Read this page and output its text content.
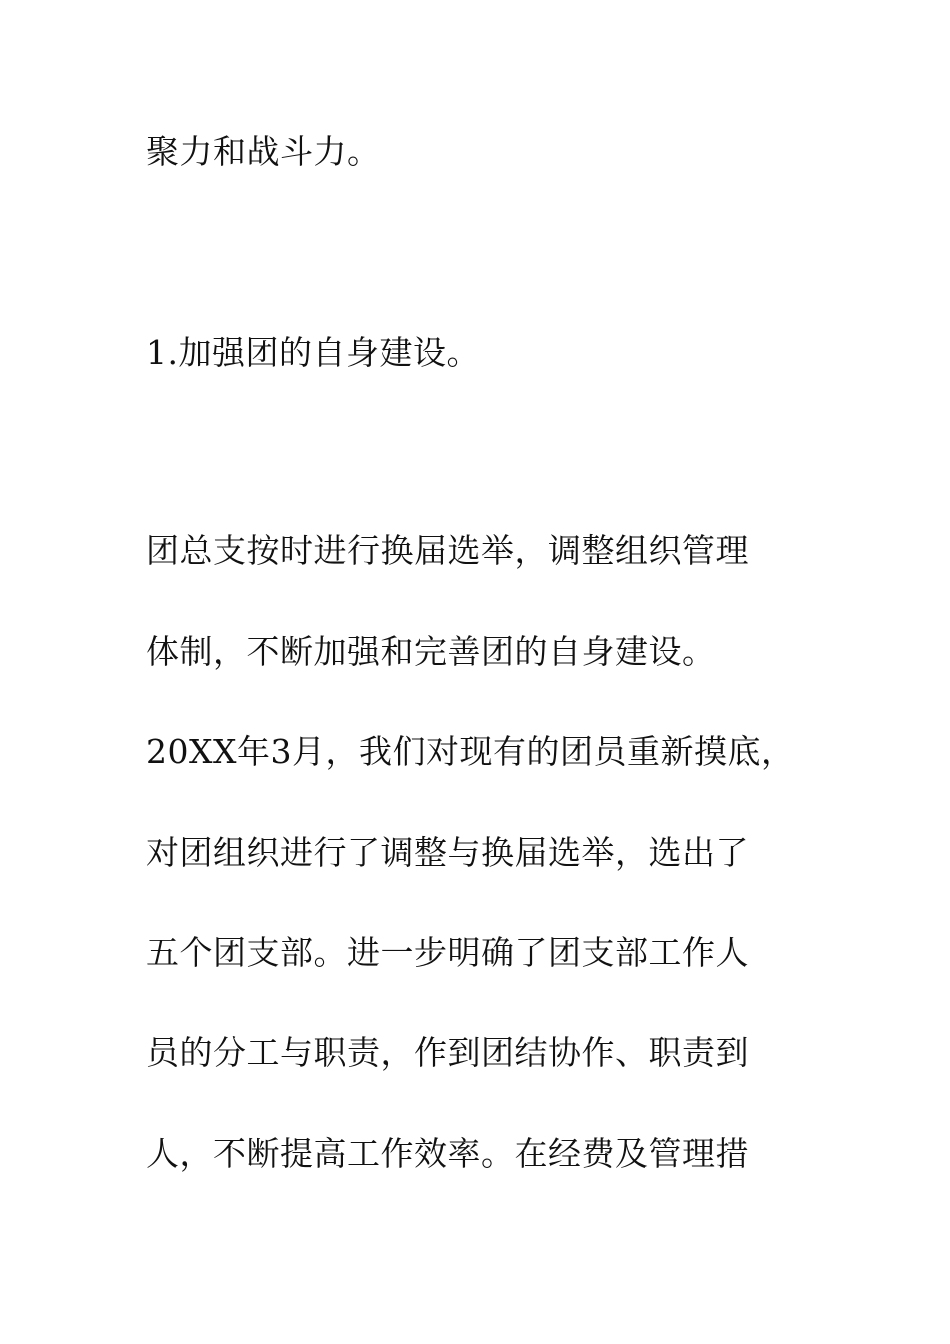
聚力和战斗力。
1.加强团的自身建设。
团总支按时进行换届选举，调整组织管理
体制，不断加强和完善团的自身建设。
20XX年3月，我们对现有的团员重新摸底，
对团组织进行了调整与换届选举，选出了
五个团支部。进一步明确了团支部工作人
员的分工与职责，作到团结协作、职责到
人，不断提高工作效率。在经费及管理措
